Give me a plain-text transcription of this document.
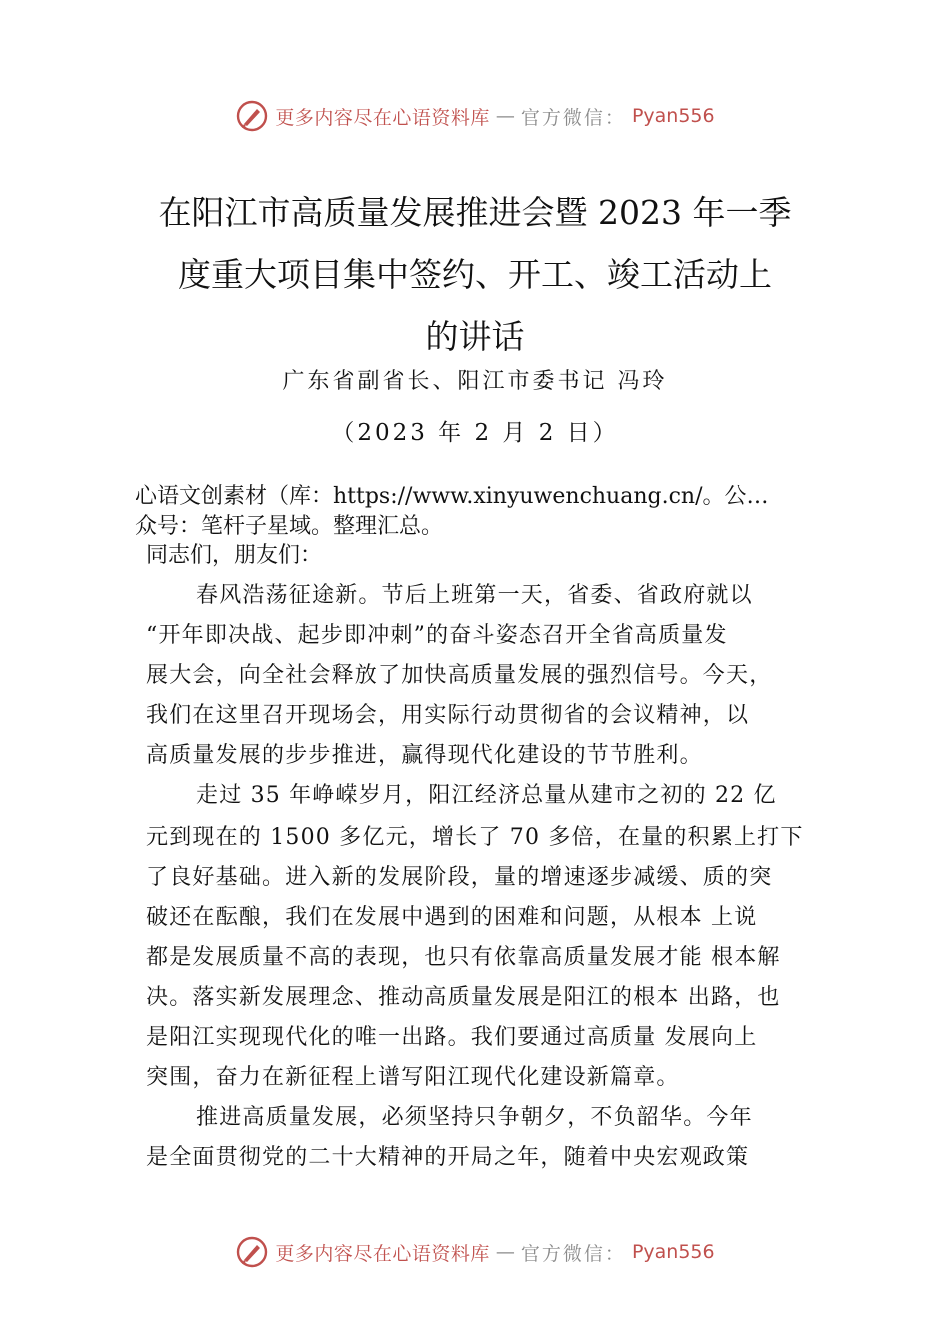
更多内容尽在心语资料库 — 官方微信： Pyan556
在阳江市高质量发展推进会暨 2023 年一季
度重大项目集中签约、开工、竣工活动上
的讲话
广东省副省长、阳江市委书记 冯玲
（2023 年 2 月 2 日）
心语文创素材（库：https://www.xinyuwenchuang.cn/。公…
众号：笔杆子星域。整理汇总。
同志们，朋友们：
春风浩荡征途新。节后上班第一天，省委、省政府就以
“开年即决战、起步即冲刺”的奋斗姿态召开全省高质量发
展大会，向全社会释放了加快高质量发展的强烈信号。今天，
我们在这里召开现场会，用实际行动贯彻省的会议精神，以
高质量发展的步步推进，赢得现代化建设的节节胜利。
走过 35 年峥嵘岁月，阳江经济总量从建市之初的 22 亿
元到现在的 1500 多亿元，增长了 70 多倍，在量的积累上打下
了良好基础。进入新的发展阶段，量的增速逐步减缓、质的突
破还在酝酿，我们在发展中遇到的困难和问题，从根本 上说
都是发展质量不高的表现，也只有依靠高质量发展才能 根本解
决。落实新发展理念、推动高质量发展是阳江的根本 出路，也
是阳江实现现代化的唯一出路。我们要通过高质量 发展向上
突围，奋力在新征程上谱写阳江现代化建设新篇章。
推进高质量发展，必须坚持只争朝夕，不负韶华。今年
是全面贯彻党的二十大精神的开局之年，随着中央宏观政策
更多内容尽在心语资料库 — 官方微信： Pyan556
